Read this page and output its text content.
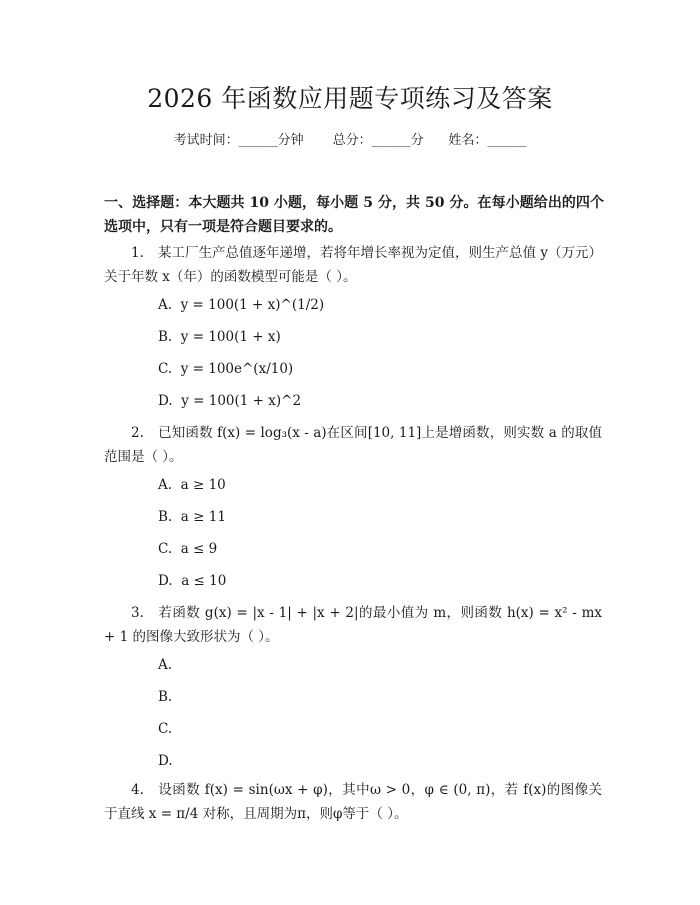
2026 年函数应用题专项练习及答案
考试时间：______分钟 总分：______分 姓名：______
一、选择题：本大题共 10 小题，每小题 5 分，共 50 分。在每小题给出的四个选项中，只有一项是符合题目要求的。
1. 某工厂生产总值逐年递增，若将年增长率视为定值，则生产总值 y（万元）关于年数 x（年）的函数模型可能是（ ）。
A.  y = 100(1 + x)^(1/2)
B.  y = 100(1 + x)
C.  y = 100e^(x/10)
D.  y = 100(1 + x)^2
2. 已知函数 f(x) = log₃(x - a)在区间[10, 11]上是增函数，则实数 a 的取值范围是（ ）。
A.  a ≥ 10
B.  a ≥ 11
C.  a ≤ 9
D.  a ≤ 10
3. 若函数 g(x) = |x - 1| + |x + 2|的最小值为 m，则函数 h(x) = x² - mx + 1 的图像大致形状为（ ）。
A.
B.
C.
D.
4. 设函数 f(x) = sin(ωx + φ)，其中ω > 0，φ ∈ (0, π)，若 f(x)的图像关于直线 x = π/4 对称，且周期为π，则φ等于（ ）。
